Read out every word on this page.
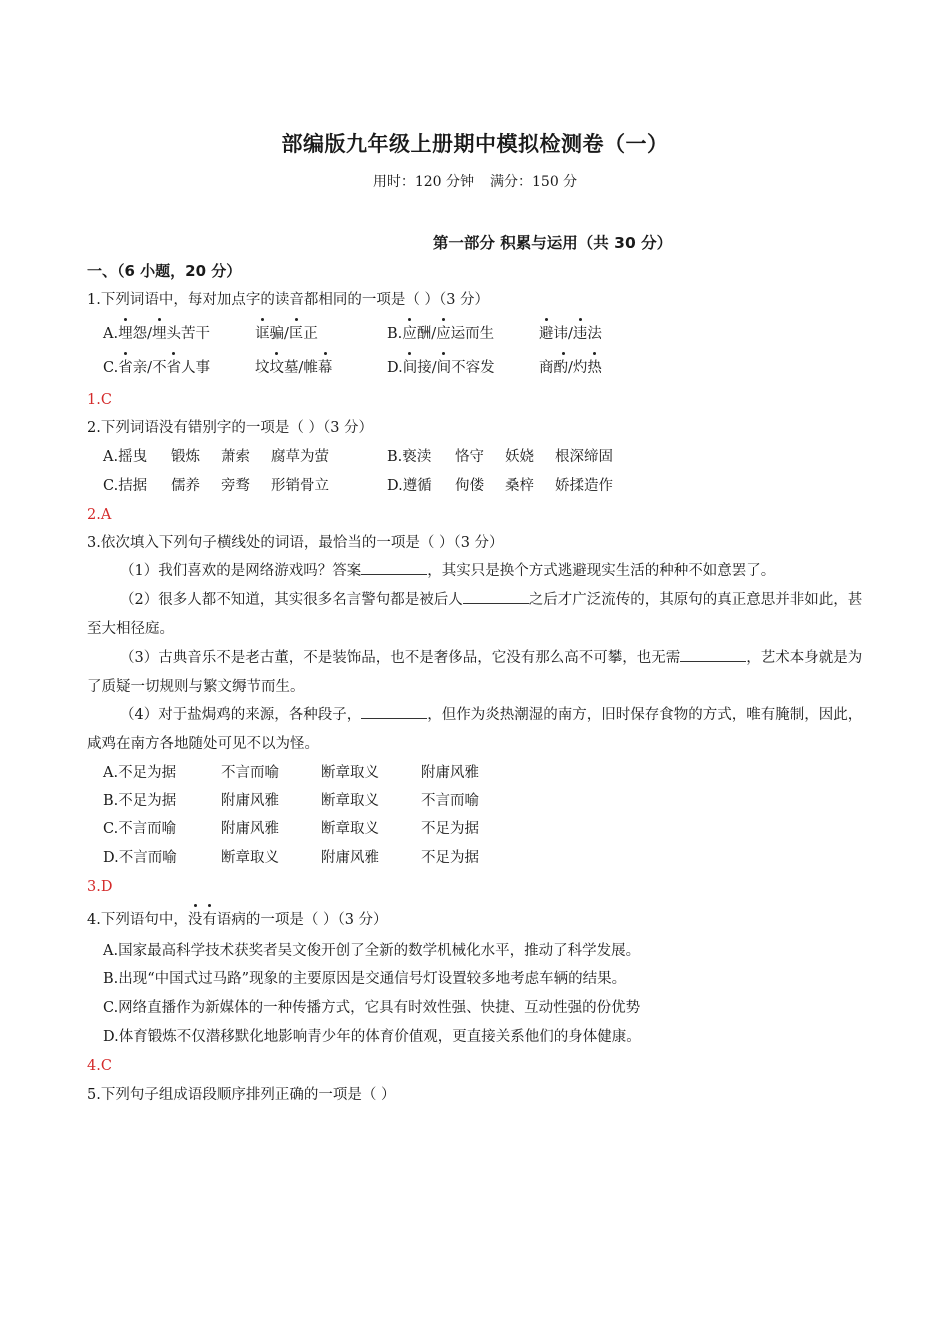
部编版九年级上册期中模拟检测卷（一）
用时：120 分钟 满分：150 分
第一部分 积累与运用（共 30 分）
一、（6 小题，20 分）
1.下列词语中，每对加点字的读音都相同的一项是（ ）（3 分）
A.埋怨/埋头苦干	诓骗/匡正	B.应酬/应运而生	避讳/违法
C.省亲/不省人事	坟坟墓/帷幕	D.间接/间不容发	商酌/灼热
1.C
2.下列词语没有错别字的一项是（ ）（3 分）
A.摇曳 锻炼 萧索 腐草为萤	B.亵渎 恪守 妖娆 根深缔固
C.拮据 儒养 旁骛 形销骨立	D.遵循 佝偻 桑梓 娇揉造作
2.A
3.依次填入下列句子横线处的词语，最恰当的一项是（ ）（3 分）
（1）我们喜欢的是网络游戏吗？答案	，其实只是换个方式逃避现实生活的种种不如意罢了。
（2）很多人都不知道，其实很多名言警句都是被后人	之后才广泛流传的，其原句的真正意思并非如此，甚至大相径庭。
（3）古典音乐不是老古董，不是装饰品，也不是奢侈品，它没有那么高不可攀，也无需	，艺术本身就是为了质疑一切规则与繁文缛节而生。
（4）对于盐焗鸡的来源，各种段子，	，但作为炎热潮湿的南方，旧时保存食物的方式，唯有腌制，因此，咸鸡在南方各地随处可见不以为怪。
A.不足为据	不言而喻	断章取义	附庸风雅
B.不足为据	附庸风雅	断章取义	不言而喻
C.不言而喻	附庸风雅	断章取义	不足为据
D.不言而喻	断章取义	附庸风雅	不足为据
3.D
4.下列语句中，没有语病的一项是（ ）（3 分）
A.国家最高科学技术获奖者吴文俊开创了全新的数学机械化水平，推动了科学发展。
B.出现“中国式过马路”现象的主要原因是交通信号灯设置较多地考虑车辆的结果。
C.网络直播作为新媒体的一种传播方式，它具有时效性强、快捷、互动性强的份优势
D.体育锻炼不仅潜移默化地影响青少年的体育价值观，更直接关系他们的身体健康。
4.C
5.下列句子组成语段顺序排列正确的一项是（ ）
